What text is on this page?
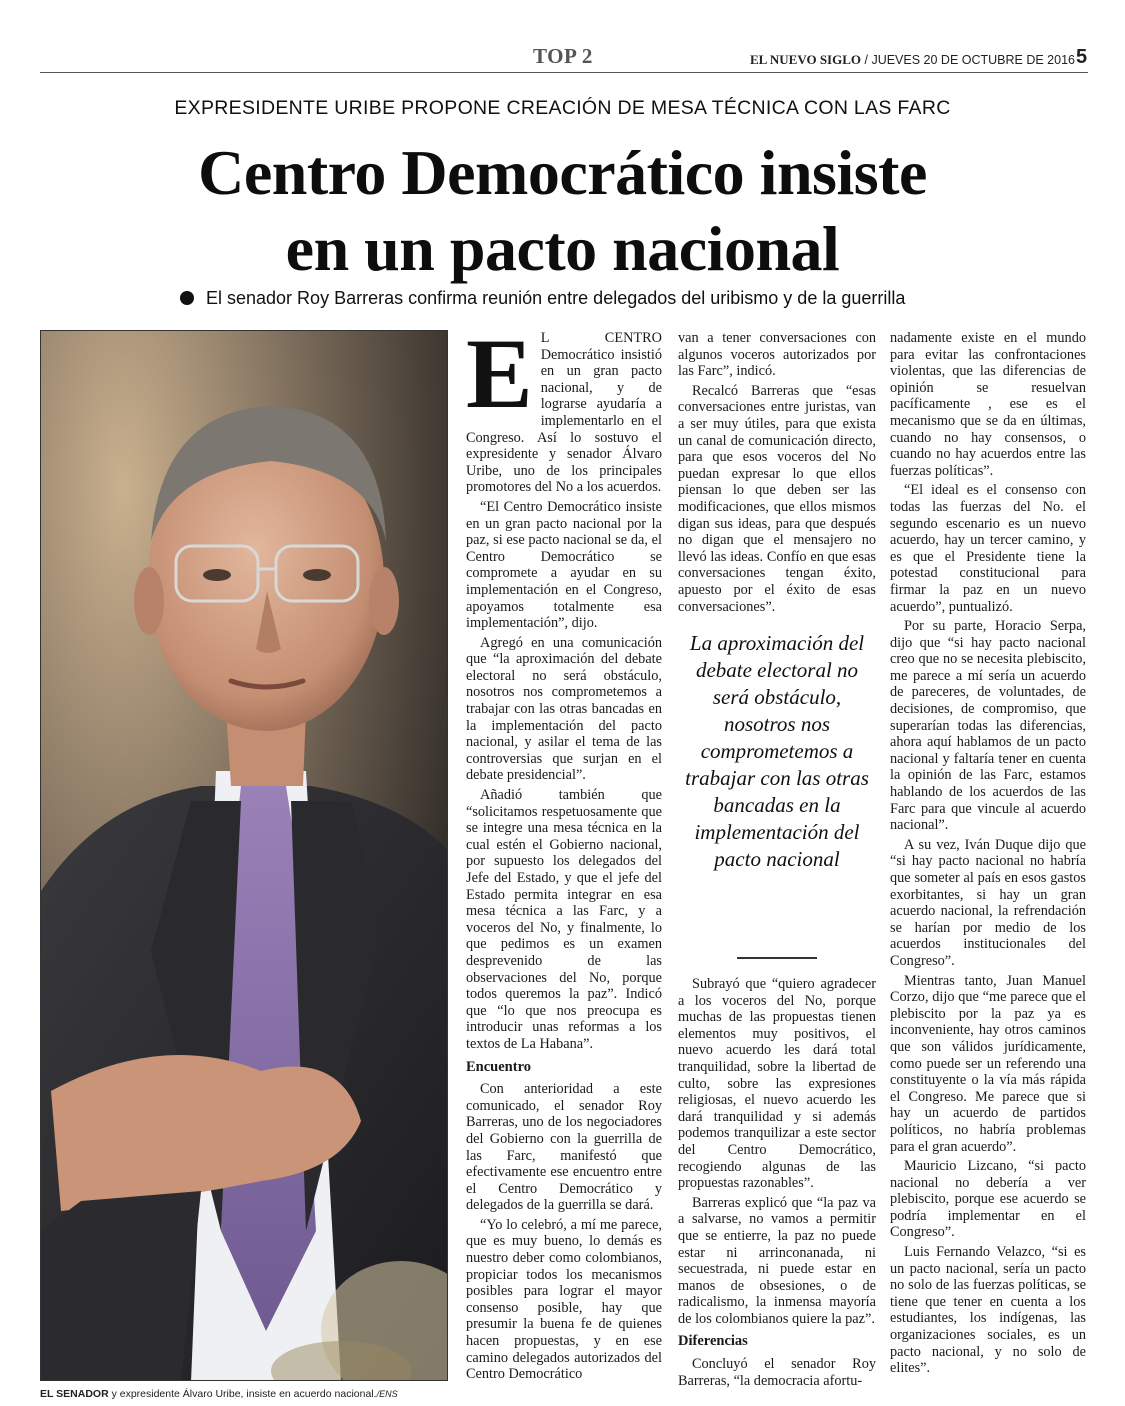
TOP 2	EL NUEVO SIGLO / JUEVES 20 DE OCTUBRE DE 2016 5
EXPRESIDENTE URIBE PROPONE CREACIÓN DE MESA TÉCNICA CON LAS FARC
Centro Democrático insiste
en un pacto nacional
El senador Roy Barreras confirma reunión entre delegados del uribismo y de la guerrilla
EL SENADOR y expresidente Álvaro Uribe, insiste en acuerdo nacional./ENS
E L CENTRO Democrático insistió en un gran pacto nacional, y de lograrse ayudaría a implementarlo en el Congreso. Así lo sostuvo el expresidente y senador Álvaro Uribe, uno de los principales promotores del No a los acuerdos.

“El Centro Democrático insiste en un gran pacto nacional por la paz, si ese pacto nacional se da, el Centro Democrático se compromete a ayudar en su implementación en el Congreso, apoyamos totalmente esa implementación”, dijo.

Agregó en una comunicación que “la aproximación del debate electoral no será obstáculo, nosotros nos comprometemos a trabajar con las otras bancadas en la implementación del pacto nacional, y asilar el tema de las controversias que surjan en el debate presidencial”.

Añadió también que “solicitamos respetuosamente que se integre una mesa técnica en la cual estén el Gobierno nacional, por supuesto los delegados del Jefe del Estado, y que el jefe del Estado permita integrar en esa mesa técnica a las Farc, y a voceros del No, y finalmente, lo que pedimos es un examen desprevenido de las observaciones del No, porque todos queremos la paz”. Indicó que “lo que nos preocupa es introducir unas reformas a los textos de La Habana”.

Encuentro

Con anterioridad a este comunicado, el senador Roy Barreras, uno de los negociadores del Gobierno con la guerrilla de las Farc, manifestó que efectivamente ese encuentro entre el Centro Democrático y delegados de la guerrilla se dará.

“Yo lo celebró, a mí me parece, que es muy bueno, lo demás es nuestro deber como colombianos, propiciar todos los mecanismos posibles para lograr el mayor consenso posible, hay que presumir la buena fe de quienes hacen propuestas, y en ese camino delegados autorizados del Centro Democrático

van a tener conversaciones con algunos voceros autorizados por las Farc”, indicó.

Recalcó Barreras que “esas conversaciones entre juristas, van a ser muy útiles, para que exista un canal de comunicación directo, para que esos voceros del No puedan expresar lo que ellos piensan lo que deben ser las modificaciones, que ellos mismos digan sus ideas, para que después no digan que el mensajero no llevó las ideas. Confío en que esas conversaciones tengan éxito, apuesto por el éxito de esas conversaciones”.

La aproximación del debate electoral no será obstáculo, nosotros nos comprometemos a trabajar con las otras bancadas en la implementación del pacto nacional

Subrayó que “quiero agradecer a los voceros del No, porque muchas de las propuestas tienen elementos muy positivos, el nuevo acuerdo les dará total tranquilidad, sobre la libertad de culto, sobre las expresiones religiosas, el nuevo acuerdo les dará tranquilidad y si además podemos tranquilizar a este sector del Centro Democrático, recogiendo algunas de las propuestas razonables”.

Barreras explicó que “la paz va a salvarse, no vamos a permitir que se entierre, la paz no puede estar ni arrinconanada, ni secuestrada, ni puede estar en manos de obsesiones, o de radicalismo, la inmensa mayoría de los colombianos quiere la paz”.

Diferencias

Concluyó el senador Roy Barreras, “la democracia afortu-

nadamente existe en el mundo para evitar las confrontaciones violentas, que las diferencias de opinión se resuelvan pacíficamente , ese es el mecanismo que se da en últimas, cuando no hay consensos, o cuando no hay acuerdos entre las fuerzas políticas”.

“El ideal es el consenso con todas las fuerzas del No. el segundo escenario es un nuevo acuerdo, hay un tercer camino, y es que el Presidente tiene la potestad constitucional para firmar la paz en un nuevo acuerdo”, puntualizó.

Por su parte, Horacio Serpa, dijo que “si hay pacto nacional creo que no se necesita plebiscito, me parece a mí sería un acuerdo de pareceres, de voluntades, de decisiones, de compromiso, que superarían todas las diferencias, ahora aquí hablamos de un pacto nacional y faltaría tener en cuenta la opinión de las Farc, estamos hablando de los acuerdos de las Farc para que vincule al acuerdo nacional”.

A su vez, Iván Duque dijo que “si hay pacto nacional no habría que someter al país en esos gastos exorbitantes, si hay un gran acuerdo nacional, la refrendación se harían por medio de los acuerdos institucionales del Congreso”.

Mientras tanto, Juan Manuel Corzo, dijo que “me parece que el plebiscito por la paz ya es inconveniente, hay otros caminos que son válidos jurídicamente, como puede ser un referendo una constituyente o la vía más rápida el Congreso. Me parece que si hay un acuerdo de partidos políticos, no habría problemas para el gran acuerdo”.

Mauricio Lizcano, “si pacto nacional no debería a ver plebiscito, porque ese acuerdo se podría implementar en el Congreso”.

Luis Fernando Velazco, “si es un pacto nacional, sería un pacto no solo de las fuerzas políticas, se tiene que tener en cuenta a los estudiantes, los indígenas, las organizaciones sociales, es un pacto nacional, y no solo de elites”.
